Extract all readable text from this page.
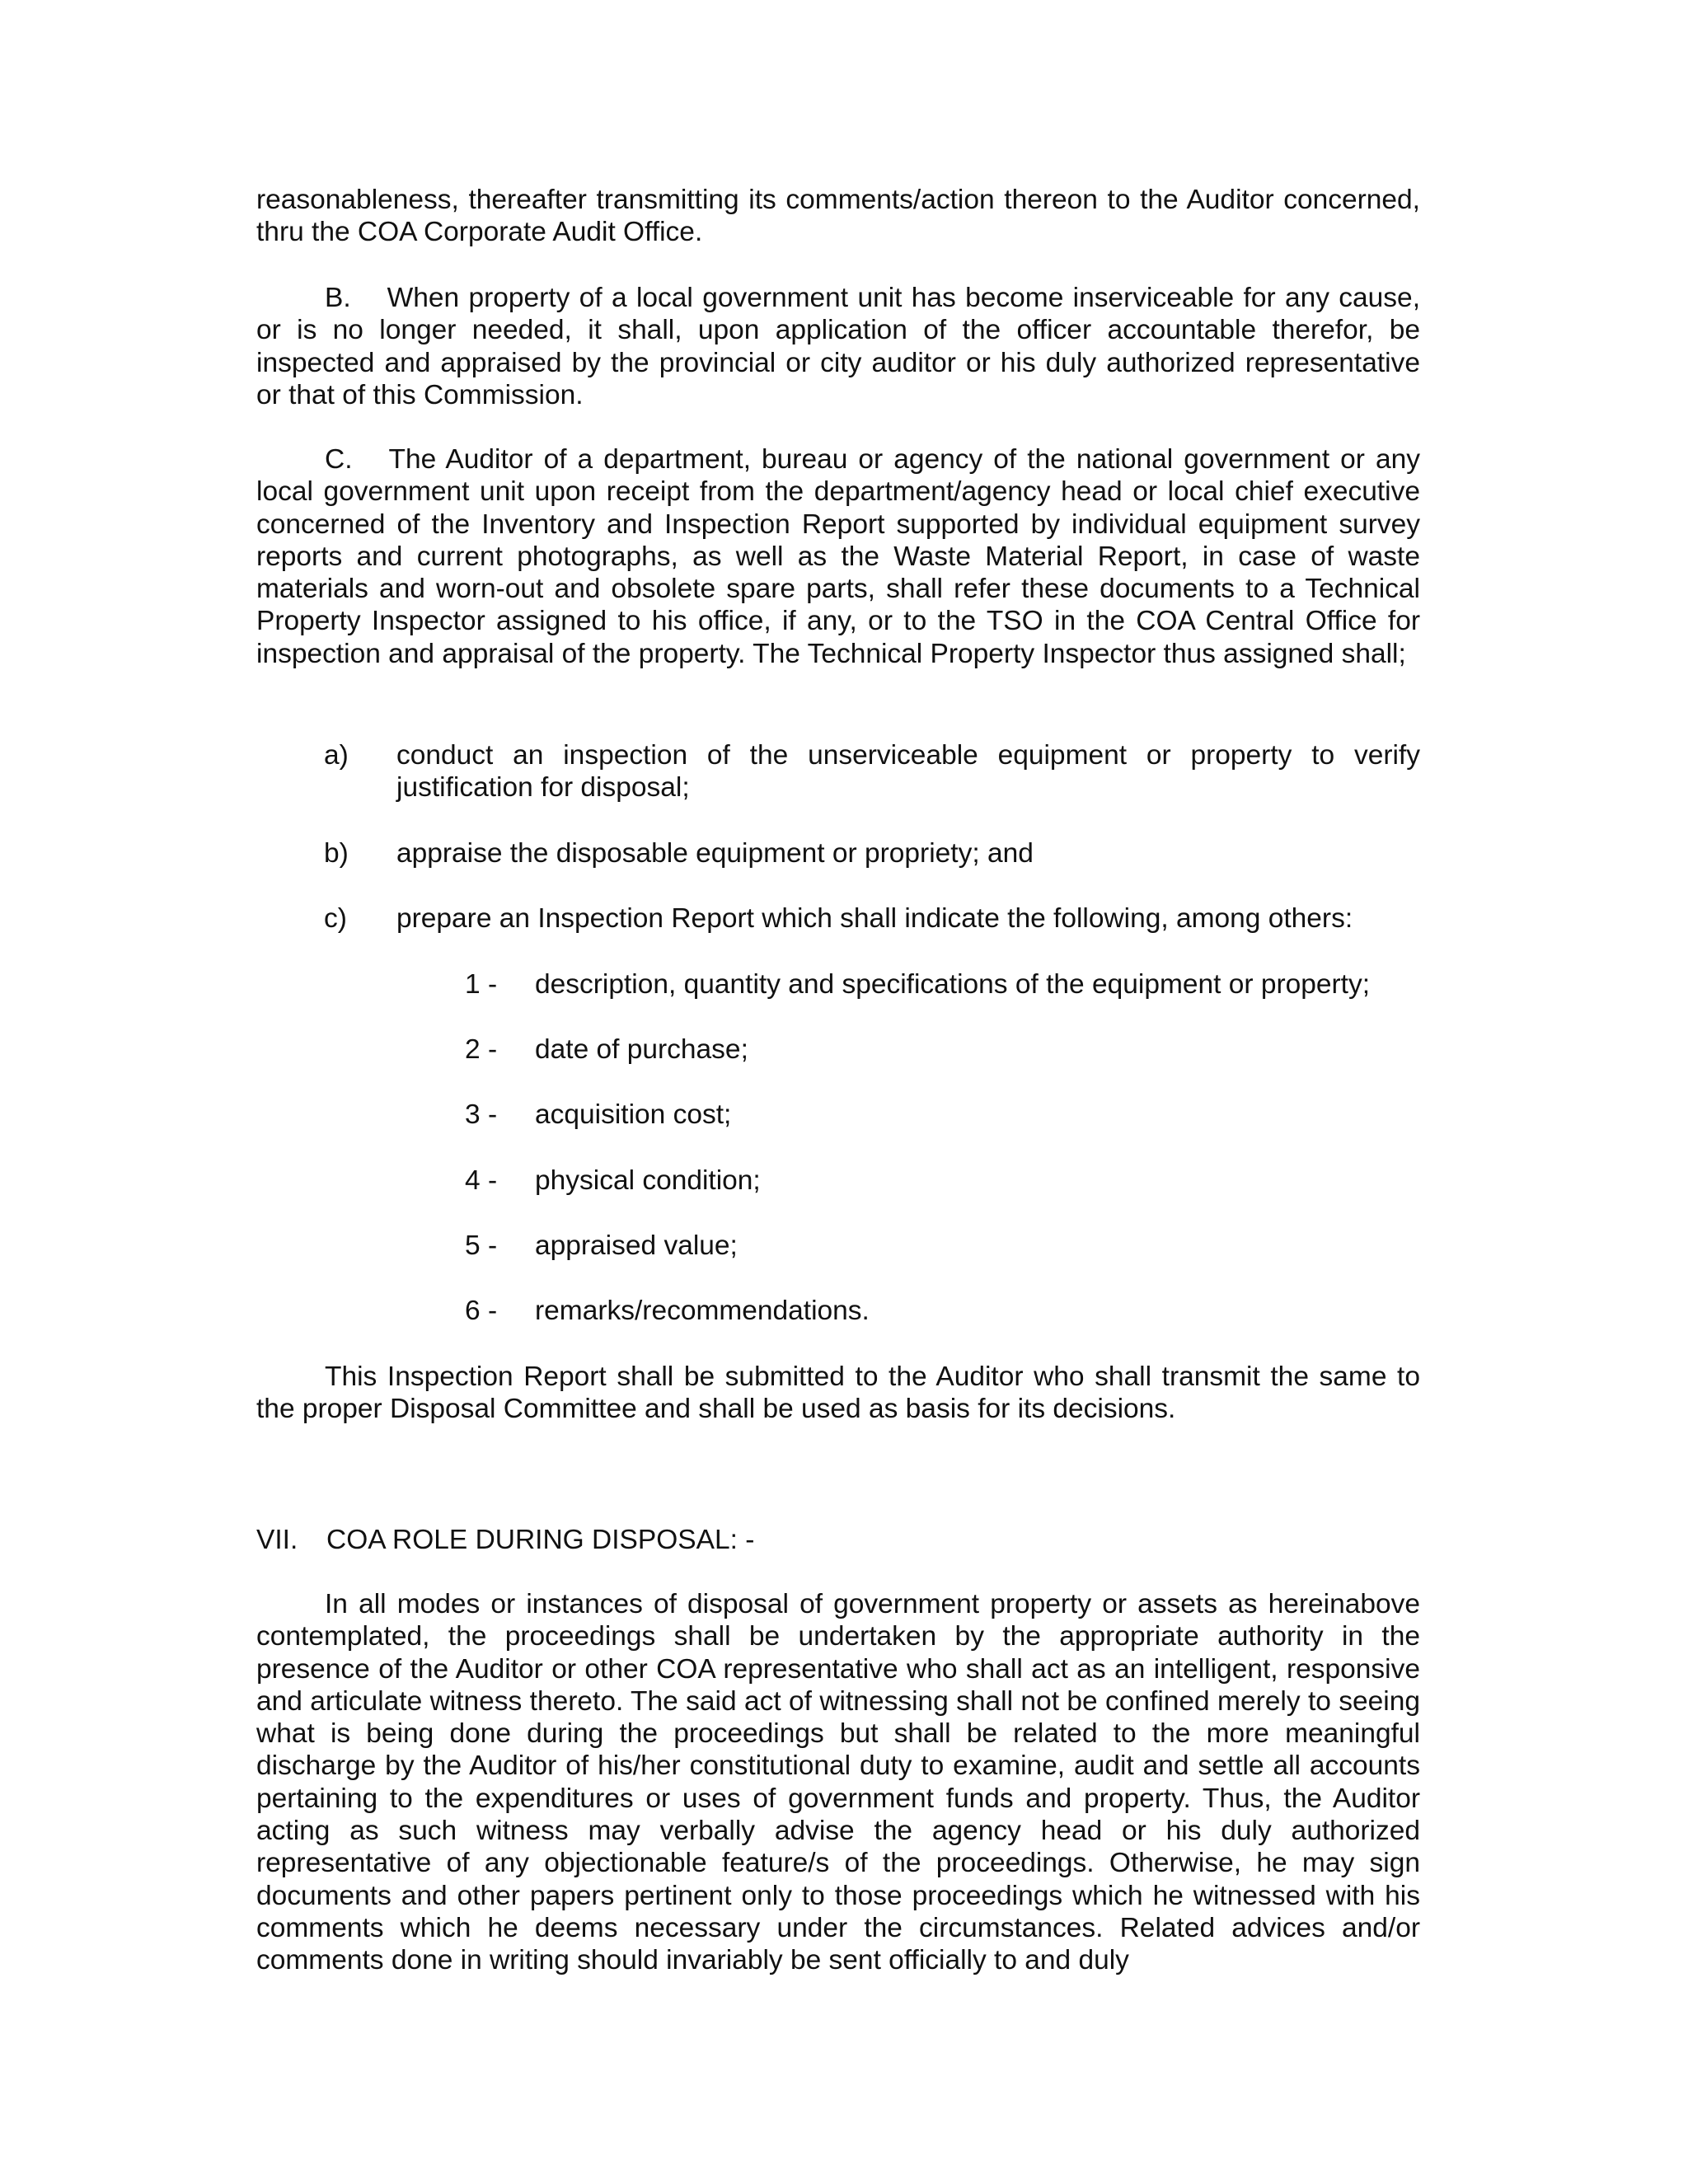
reasonableness, thereafter transmitting its comments/action thereon to the Auditor concerned, thru the COA Corporate Audit Office.

B. When property of a local government unit has become inserviceable for any cause, or is no longer needed, it shall, upon application of the officer accountable therefor, be inspected and appraised by the provincial or city auditor or his duly authorized representative or that of this Commission.

C. The Auditor of a department, bureau or agency of the national government or any local government unit upon receipt from the department/agency head or local chief executive concerned of the Inventory and Inspection Report supported by individual equipment survey reports and current photographs, as well as the Waste Material Report, in case of waste materials and worn-out and obsolete spare parts, shall refer these documents to a Technical Property Inspector assigned to his office, if any, or to the TSO in the COA Central Office for inspection and appraisal of the property. The Technical Property Inspector thus assigned shall;

a) conduct an inspection of the unserviceable equipment or property to verify justification for disposal;
b) appraise the disposable equipment or propriety; and
c) prepare an Inspection Report which shall indicate the following, among others:
1 - description, quantity and specifications of the equipment or property;
2 - date of purchase;
3 - acquisition cost;
4 - physical condition;
5 - appraised value;
6 - remarks/recommendations.

This Inspection Report shall be submitted to the Auditor who shall transmit the same to the proper Disposal Committee and shall be used as basis for its decisions.

VII. COA ROLE DURING DISPOSAL: -

In all modes or instances of disposal of government property or assets as hereinabove contemplated, the proceedings shall be undertaken by the appropriate authority in the presence of the Auditor or other COA representative who shall act as an intelligent, responsive and articulate witness thereto. The said act of witnessing shall not be confined merely to seeing what is being done during the proceedings but shall be related to the more meaningful discharge by the Auditor of his/her constitutional duty to examine, audit and settle all accounts pertaining to the expenditures or uses of government funds and property. Thus, the Auditor acting as such witness may verbally advise the agency head or his duly authorized representative of any objectionable feature/s of the proceedings. Otherwise, he may sign documents and other papers pertinent only to those proceedings which he witnessed with his comments which he deems necessary under the circumstances. Related advices and/or comments done in writing should invariably be sent officially to and duly
